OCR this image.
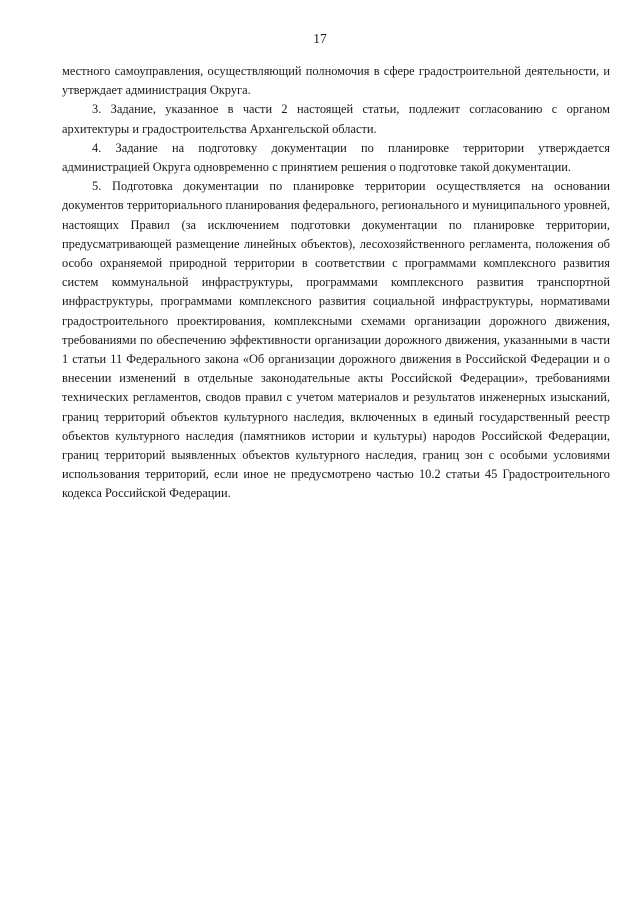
17

местного самоуправления, осуществляющий полномочия в сфере градостроительной деятельности, и утверждает администрация Округа.

3. Задание, указанное в части 2 настоящей статьи, подлежит согласованию с органом архитектуры и градостроительства Архангельской области.

4. Задание на подготовку документации по планировке территории утверждается администрацией Округа одновременно с принятием решения о подготовке такой документации.

5. Подготовка документации по планировке территории осуществляется на основании документов территориального планирования федерального, регионального и муниципального уровней, настоящих Правил (за исключением подготовки документации по планировке территории, предусматривающей размещение линейных объектов), лесохозяйственного регламента, положения об особо охраняемой природной территории в соответствии с программами комплексного развития систем коммунальной инфраструктуры, программами комплексного развития транспортной инфраструктуры, программами комплексного развития социальной инфраструктуры, нормативами градостроительного проектирования, комплексными схемами организации дорожного движения, требованиями по обеспечению эффективности организации дорожного движения, указанными в части 1 статьи 11 Федерального закона «Об организации дорожного движения в Российской Федерации и о внесении изменений в отдельные законодательные акты Российской Федерации», требованиями технических регламентов, сводов правил с учетом материалов и результатов инженерных изысканий, границ территорий объектов культурного наследия, включенных в единый государственный реестр объектов культурного наследия (памятников истории и культуры) народов Российской Федерации, границ территорий выявленных объектов культурного наследия, границ зон с особыми условиями использования территорий, если иное не предусмотрено частью 10.2 статьи 45 Градостроительного кодекса Российской Федерации.
